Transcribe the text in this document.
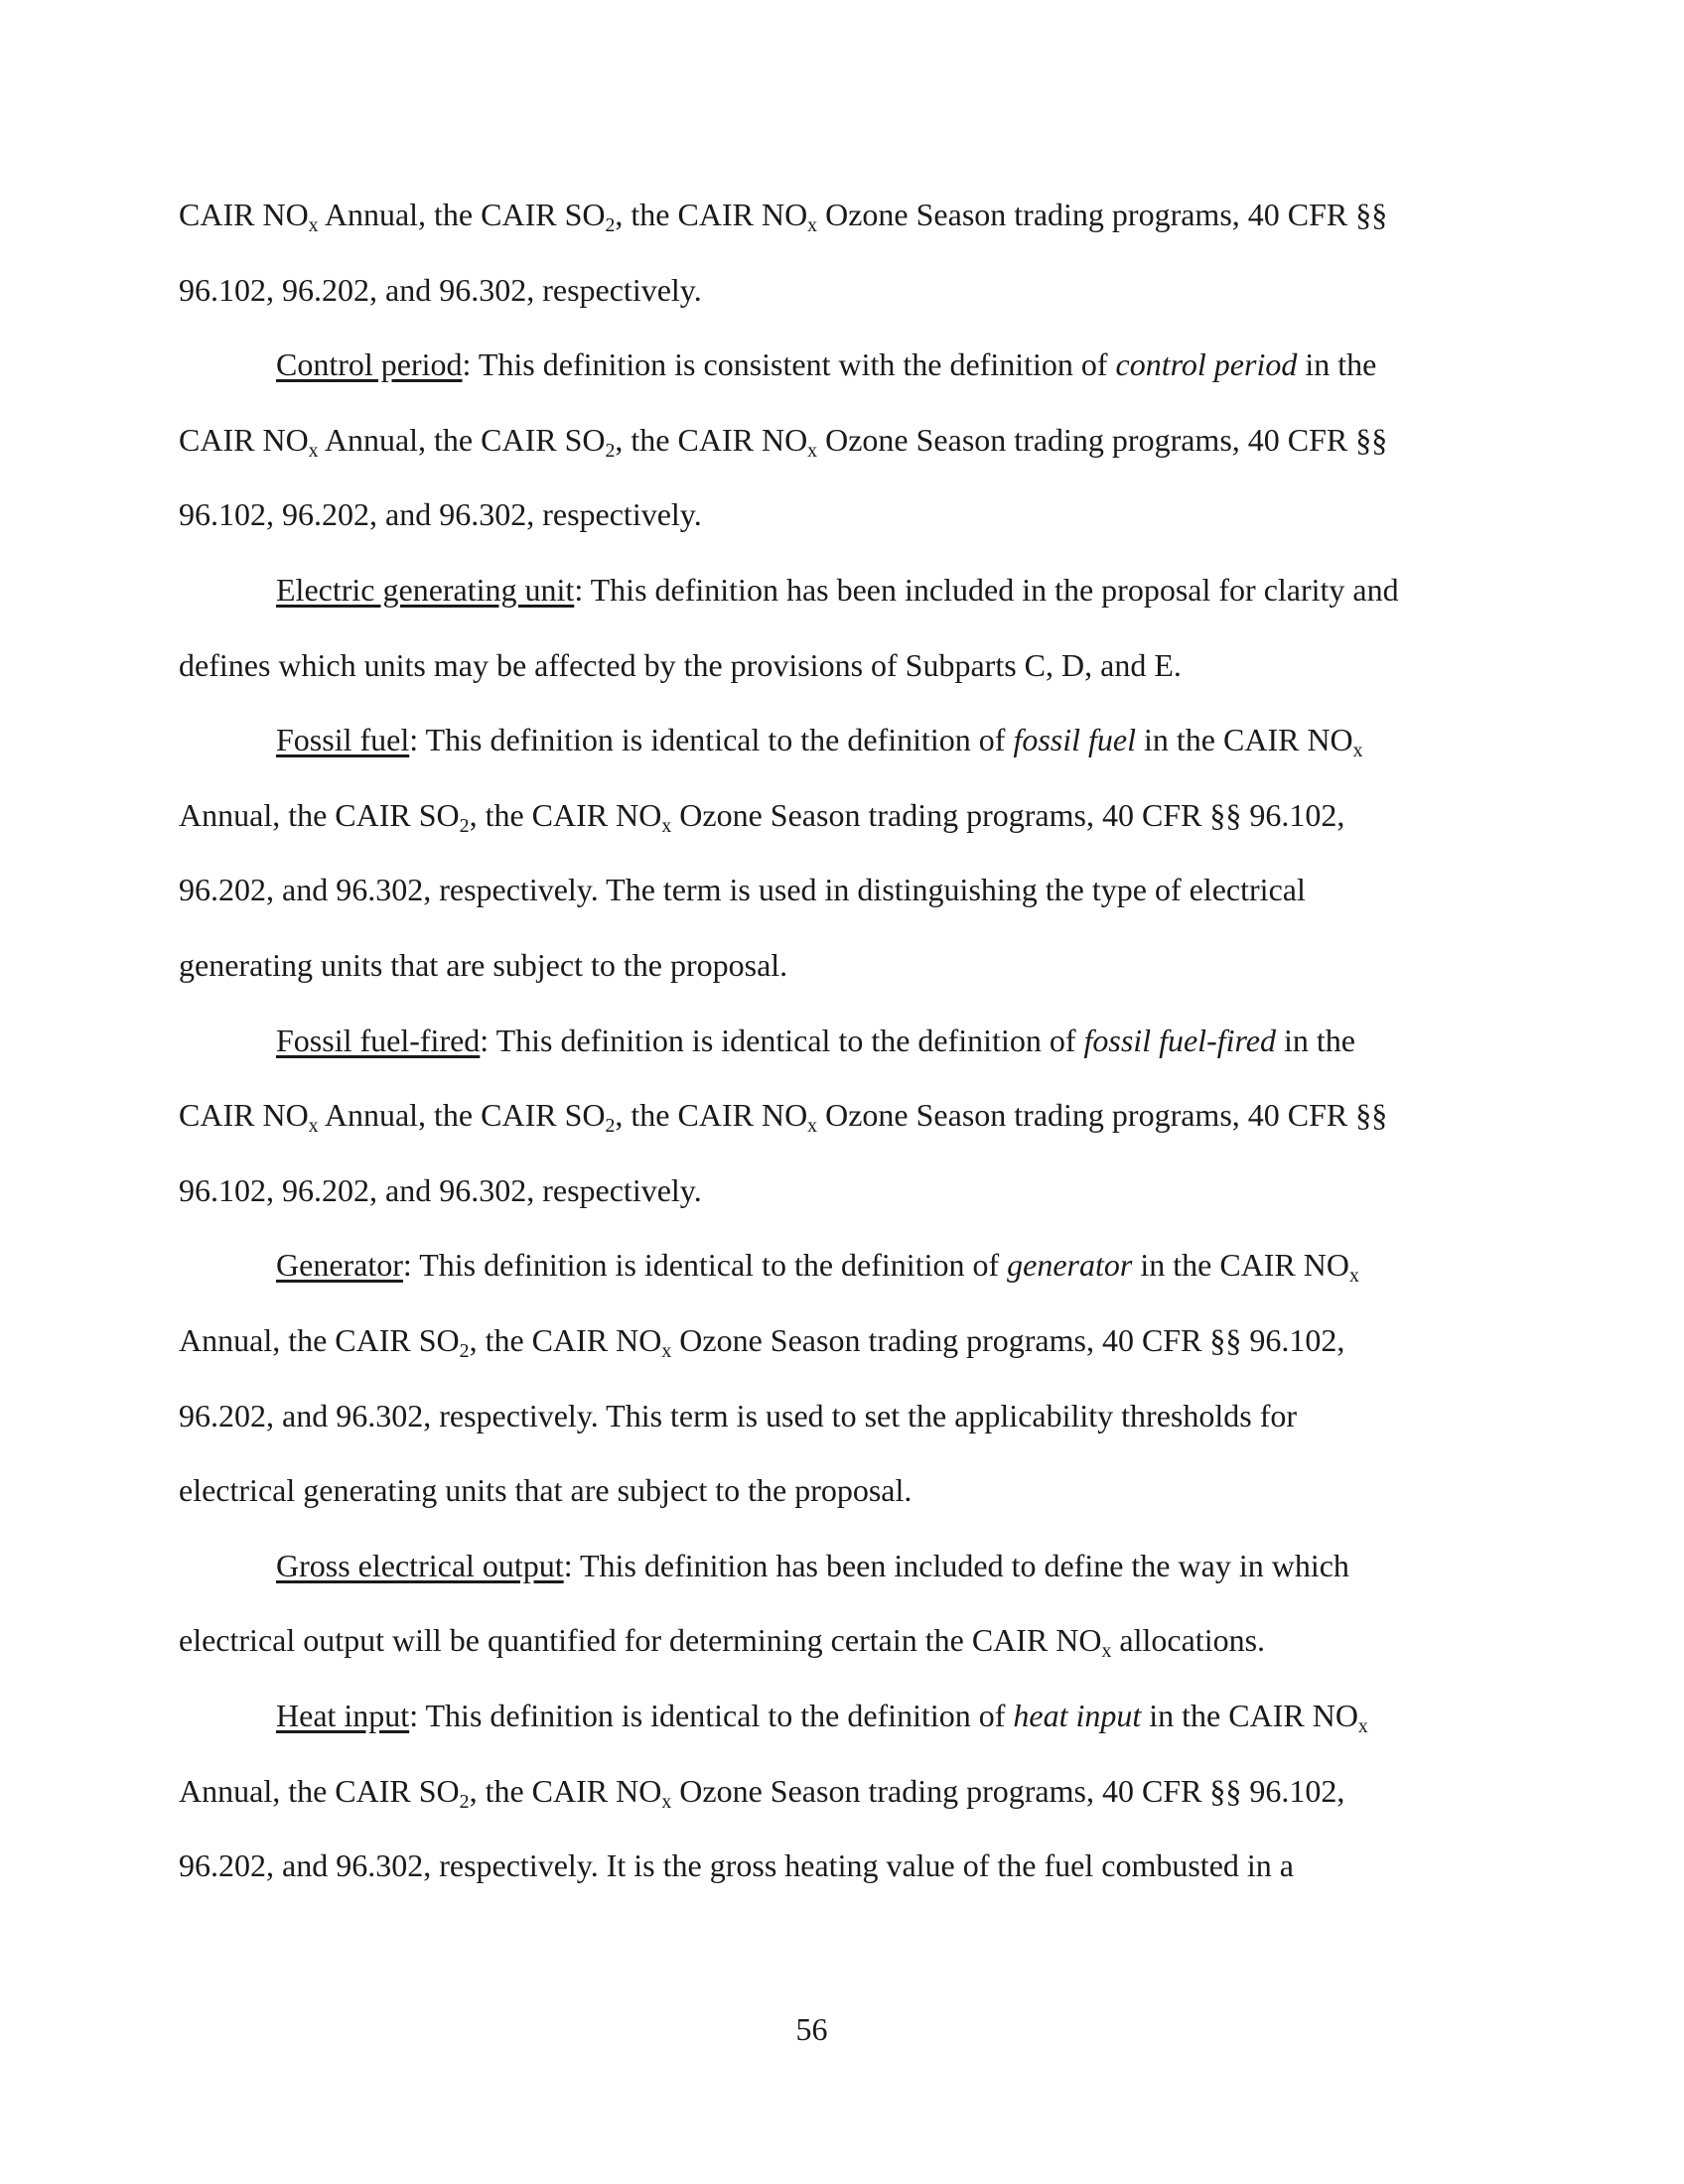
CAIR $NO_x$ Annual, the CAIR $SO_2$, the CAIR $NO_x$ Ozone Season trading programs, 40 CFR §§

96.102, 96.202, and 96.302, respectively.

Control period: This definition is consistent with the definition of control period in the

CAIR $NO_x$ Annual, the CAIR $SO_2$, the CAIR $NO_x$ Ozone Season trading programs, 40 CFR §§

96.102, 96.202, and 96.302, respectively.

Electric generating unit: This definition has been included in the proposal for clarity and

defines which units may be affected by the provisions of Subparts C, D, and E.

Fossil fuel: This definition is identical to the definition of fossil fuel in the CAIR $NO_x$

Annual, the CAIR $SO_2$, the CAIR $NO_x$ Ozone Season trading programs, 40 CFR §§ 96.102,

96.202, and 96.302, respectively. The term is used in distinguishing the type of electrical

generating units that are subject to the proposal.

Fossil fuel-fired: This definition is identical to the definition of fossil fuel-fired in the

CAIR $NO_x$ Annual, the CAIR $SO_2$, the CAIR $NO_x$ Ozone Season trading programs, 40 CFR §§

96.102, 96.202, and 96.302, respectively.

Generator: This definition is identical to the definition of generator in the CAIR $NO_x$

Annual, the CAIR $SO_2$, the CAIR $NO_x$ Ozone Season trading programs, 40 CFR §§ 96.102,

96.202, and 96.302, respectively. This term is used to set the applicability thresholds for

electrical generating units that are subject to the proposal.

Gross electrical output: This definition has been included to define the way in which

electrical output will be quantified for determining certain the CAIR $NO_x$ allocations.

Heat input: This definition is identical to the definition of heat input in the CAIR $NO_x$

Annual, the CAIR $SO_2$, the CAIR $NO_x$ Ozone Season trading programs, 40 CFR §§ 96.102,

96.202, and 96.302, respectively. It is the gross heating value of the fuel combusted in a

56
